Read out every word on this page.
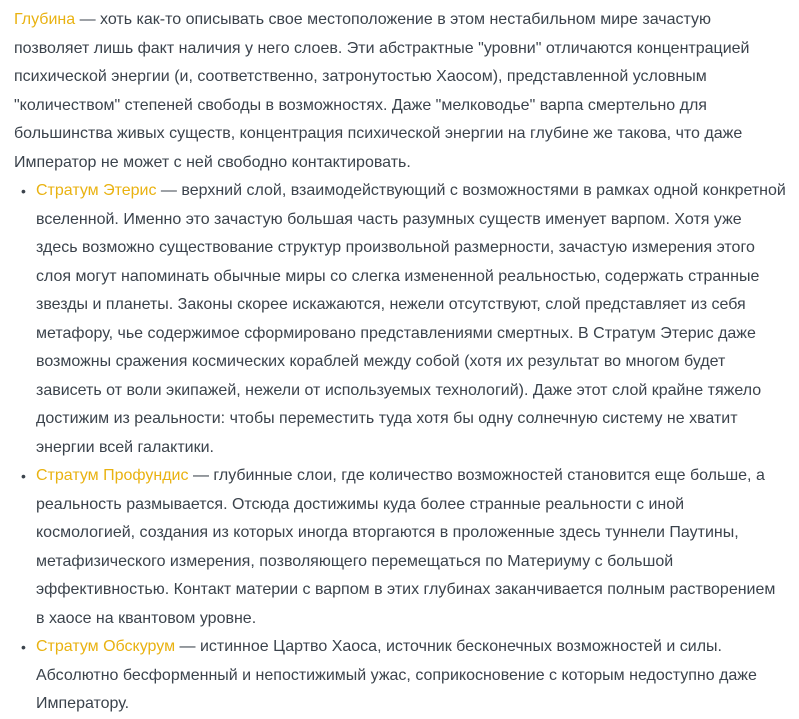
Глубина — хоть как-то описывать свое местоположение в этом нестабильном мире зачастую позволяет лишь факт наличия у него слоев. Эти абстрактные "уровни" отличаются концентрацией психической энергии (и, соответственно, затронутостью Хаосом), представленной условным "количеством" степеней свободы в возможностях. Даже "мелководье" варпа смертельно для большинства живых существ, концентрация психической энергии на глубине же такова, что даже Император не может с ней свободно контактировать.

• Стратум Этерис — верхний слой, взаимодействующий с возможностями в рамках одной конкретной вселенной. Именно это зачастую большая часть разумных существ именует варпом. Хотя уже здесь возможно существование структур произвольной размерности, зачастую измерения этого слоя могут напоминать обычные миры со слегка измененной реальностью, содержать странные звезды и планеты. Законы скорее искажаются, нежели отсутствуют, слой представляет из себя метафору, чье содержимое сформировано представлениями смертных. В Стратум Этерис даже возможны сражения космических кораблей между собой (хотя их результат во многом будет зависеть от воли экипажей, нежели от используемых технологий). Даже этот слой крайне тяжело достижим из реальности: чтобы переместить туда хотя бы одну солнечную систему не хватит энергии всей галактики.
• Стратум Профундис — глубинные слои, где количество возможностей становится еще больше, а реальность размывается. Отсюда достижимы куда более странные реальности с иной космологией, создания из которых иногда вторгаются в проложенные здесь туннели Паутины, метафизического измерения, позволяющего перемещаться по Материуму с большой эффективностью. Контакт материи с варпом в этих глубинах заканчивается полным растворением в хаосе на квантовом уровне.
• Стратум Обскурум — истинное Цартво Хаоса, источник бесконечных возможностей и силы. Абсолютно бесформенный и непостижимый ужас, соприкосновение с которым недоступно даже Императору.
